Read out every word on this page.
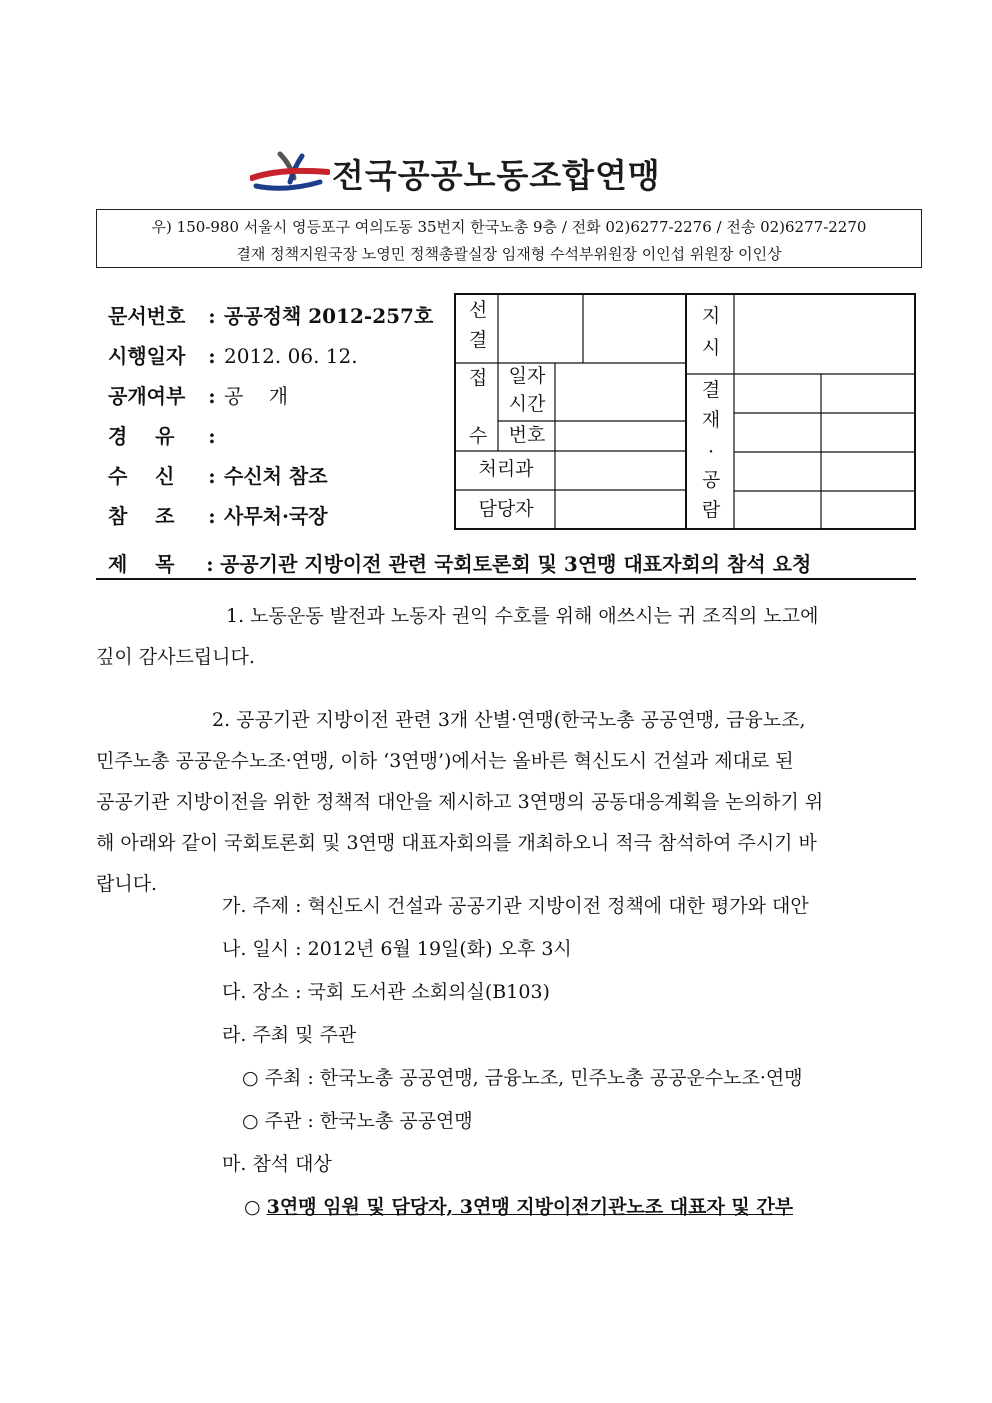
전국공공노동조합연맹
우) 150-980 서울시 영등포구 여의도동 35번지 한국노총 9층 / 전화 02)6277-2276 / 전송 02)6277-2270
결재 정책지원국장 노영민 정책총괄실장 임재형 수석부위원장 이인섭 위원장 이인상
문서번호 : 공공정책 2012-257호
시행일자 : 2012. 06. 12.
공개여부 : 공    개
경    유 :
수    신 : 수신처 참조
참    조 : 사무처·국장
선
결
접
수
일자
시간
번호
처리과
담당자
지
시
결
재
·
공
람
제    목 : 공공기관 지방이전 관련 국회토론회 및 3연맹 대표자회의 참석 요청
1. 노동운동 발전과 노동자 권익 수호를 위해 애쓰시는 귀 조직의 노고에
깊이 감사드립니다.
2. 공공기관 지방이전 관련 3개 산별·연맹(한국노총 공공연맹, 금융노조,
민주노총 공공운수노조·연맹, 이하 ‘3연맹’)에서는 올바른 혁신도시 건설과 제대로 된
공공기관 지방이전을 위한 정책적 대안을 제시하고 3연맹의 공동대응계획을 논의하기 위
해 아래와 같이 국회토론회 및 3연맹 대표자회의를 개최하오니 적극 참석하여 주시기 바
랍니다.
가. 주제 : 혁신도시 건설과 공공기관 지방이전 정책에 대한 평가와 대안
나. 일시 : 2012년 6월 19일(화) 오후 3시
다. 장소 : 국회 도서관 소회의실(B103)
라. 주최 및 주관
○ 주최 : 한국노총 공공연맹, 금융노조, 민주노총 공공운수노조·연맹
○ 주관 : 한국노총 공공연맹
마. 참석 대상
○ 3연맹 임원 및 담당자, 3연맹 지방이전기관노조 대표자 및 간부
